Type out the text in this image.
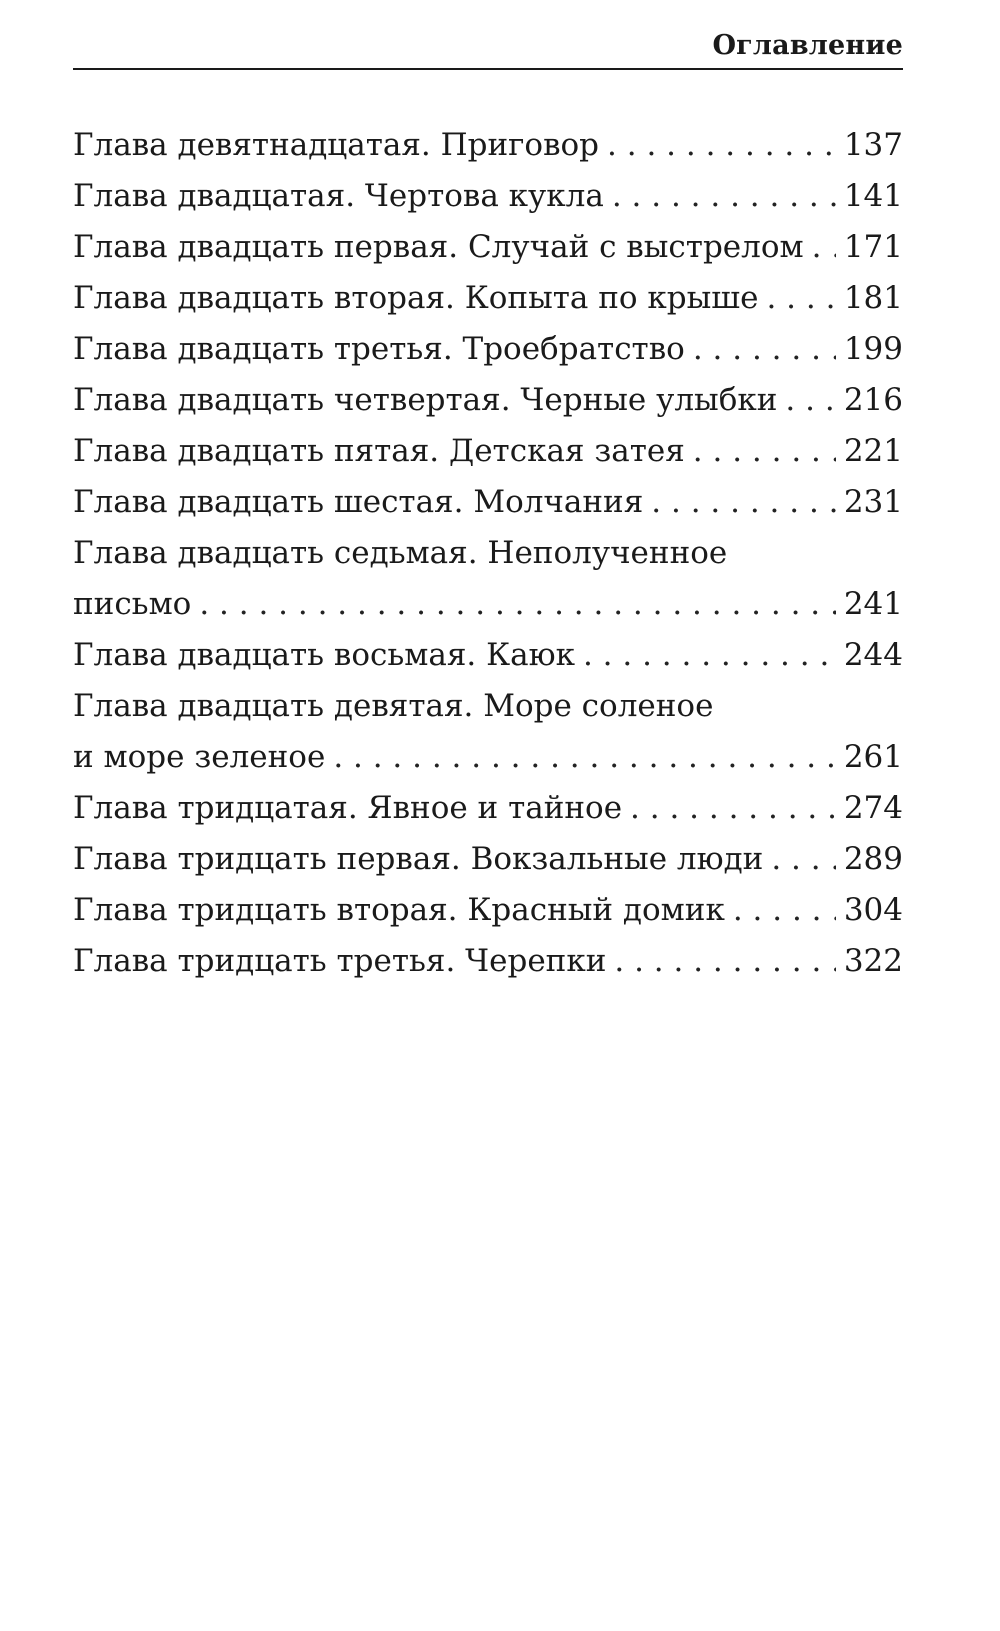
Оглавление
Глава девятнадцатая. Приговор . . .	137
Глава двадцатая. Чертова кукла . . .	141
Глава двадцать первая. Случай с выстрелом . . . 171
Глава двадцать вторая. Копыта по крыше . . .	181
Глава двадцать третья. Троебратство . . .	199
Глава двадцать четвертая. Черные улыбки . . . 216
Глава двадцать пятая. Детская затея . . .	221
Глава двадцать шестая. Молчания . . .	231
Глава двадцать седьмая. Неполученное
письмо . . .	241
Глава двадцать восьмая. Каюк . . .	244
Глава двадцать девятая. Море соленое
и море зеленое . . .	261
Глава тридцатая. Явное и тайное . . .	274
Глава тридцать первая. Вокзальные люди . . .	289
Глава тридцать вторая. Красный домик . . .	304
Глава тридцать третья. Черепки . . .	322
